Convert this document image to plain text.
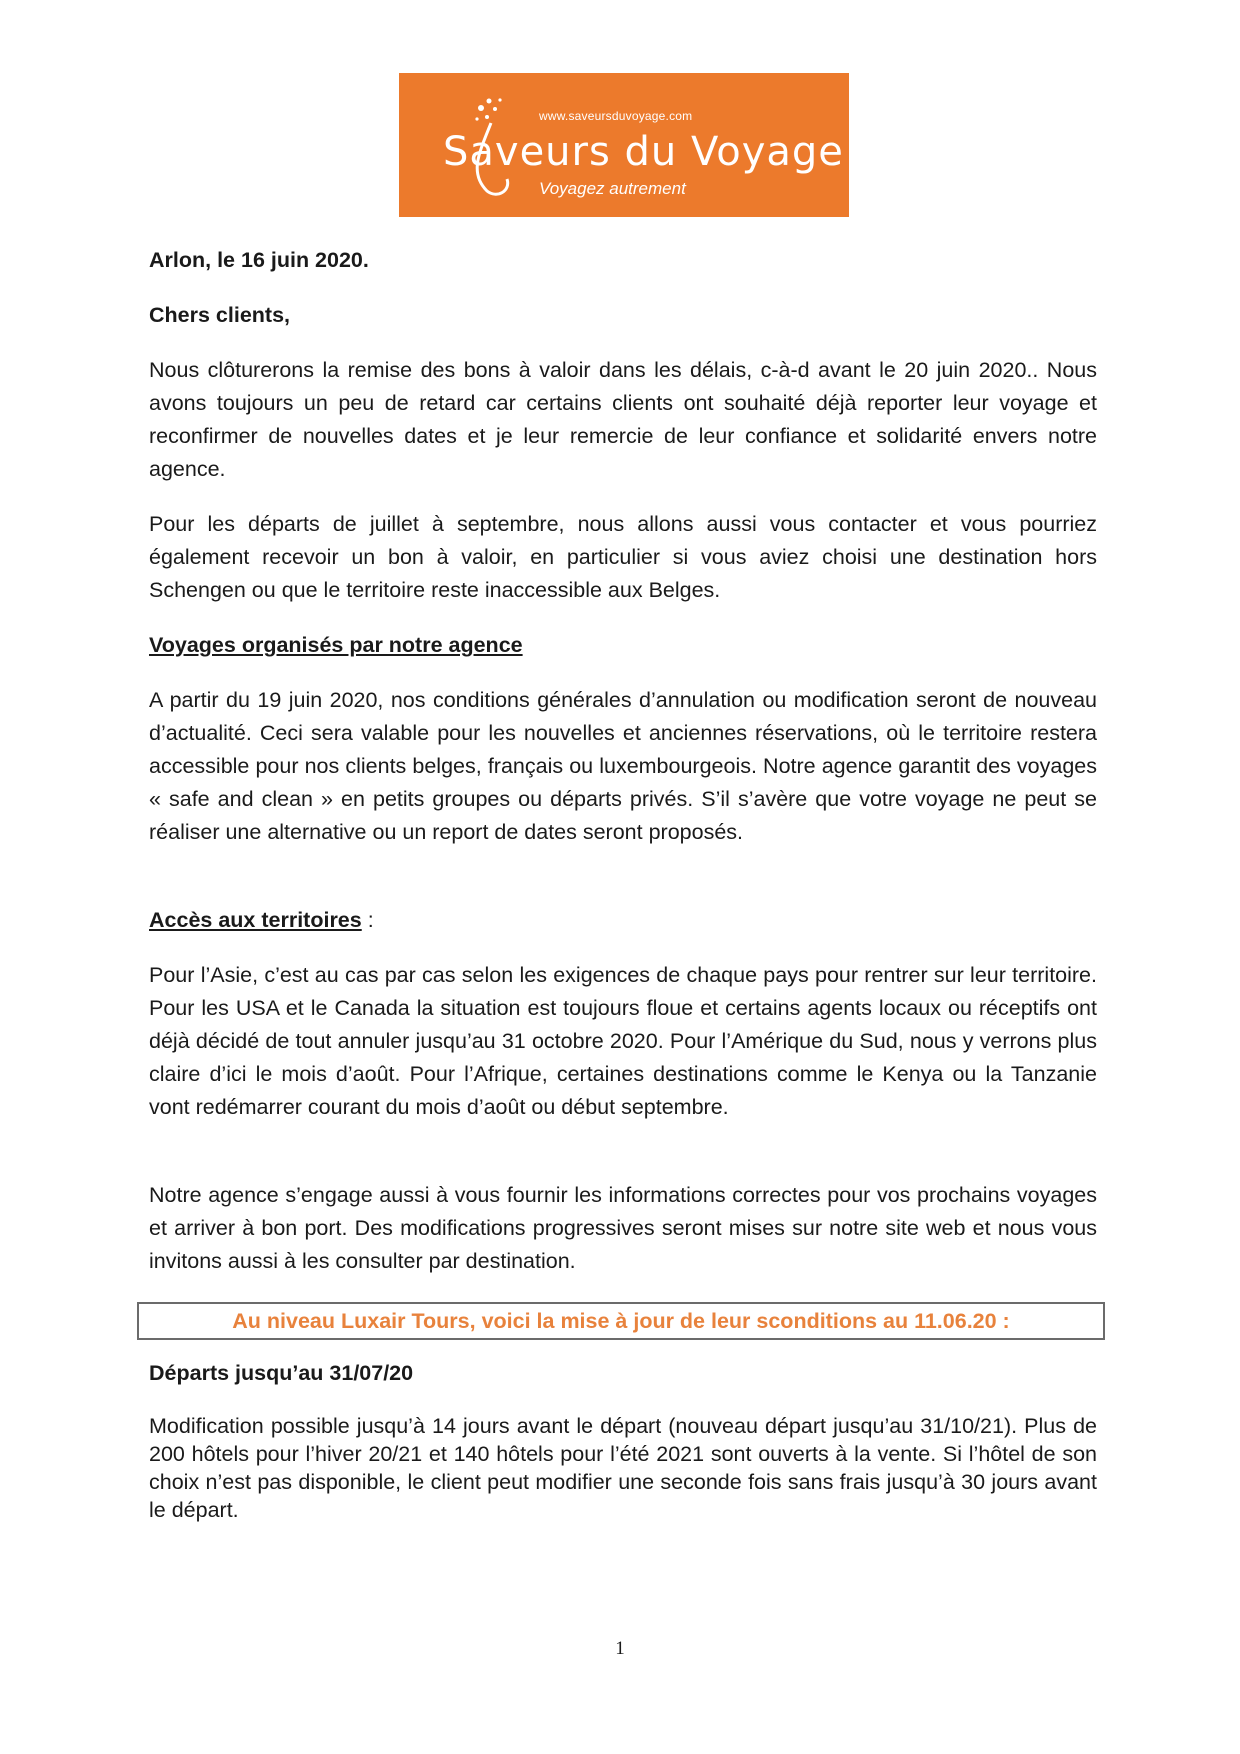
www.saveursduvoyage.com
Saveurs du Voyage
Voyagez autrement
Arlon, le 16 juin 2020.
Chers clients,
Nous clôturerons la remise des bons à valoir dans les délais, c-à-d avant le 20 juin 2020.. Nous avons toujours un peu de retard car certains clients ont souhaité déjà reporter leur voyage et reconfirmer de nouvelles dates et je leur remercie de leur confiance et solidarité envers notre agence.
Pour les départs de juillet à septembre, nous allons aussi vous contacter et vous pourriez également recevoir un bon à valoir, en particulier si vous aviez choisi une destination hors Schengen ou que le territoire reste inaccessible aux Belges.
Voyages organisés par notre agence
A partir du 19 juin 2020, nos conditions générales d’annulation ou modification seront de nouveau d’actualité. Ceci sera valable pour les nouvelles et anciennes réservations, où le territoire restera accessible pour nos clients belges, français ou luxembourgeois. Notre agence garantit des voyages « safe and clean » en petits groupes ou départs privés. S’il s’avère que votre voyage ne peut se réaliser une alternative ou un report de dates seront proposés.
Accès aux territoires :
Pour l’Asie, c’est au cas par cas selon les exigences de chaque pays pour rentrer sur leur territoire. Pour les USA et le Canada la situation est toujours floue et certains agents locaux ou réceptifs ont déjà décidé de tout annuler jusqu’au 31 octobre 2020. Pour l’Amérique du Sud, nous y verrons plus claire d’ici le mois d’août. Pour l’Afrique, certaines destinations comme le Kenya ou la Tanzanie vont redémarrer courant du mois d’août ou début septembre.
Notre agence s’engage aussi à vous fournir les informations correctes pour vos prochains voyages et arriver à bon port. Des modifications progressives seront mises sur notre site web et nous vous invitons aussi à les consulter par destination.
Au niveau Luxair Tours, voici la mise à jour de leur sconditions au 11.06.20 :
Départs jusqu’au 31/07/20
Modification possible jusqu’à 14 jours avant le départ (nouveau départ jusqu’au 31/10/21). Plus de 200 hôtels pour l’hiver 20/21 et 140 hôtels pour l’été 2021 sont ouverts à la vente. Si l’hôtel de son choix n’est pas disponible, le client peut modifier une seconde fois sans frais jusqu’à 30 jours avant le départ.
1
